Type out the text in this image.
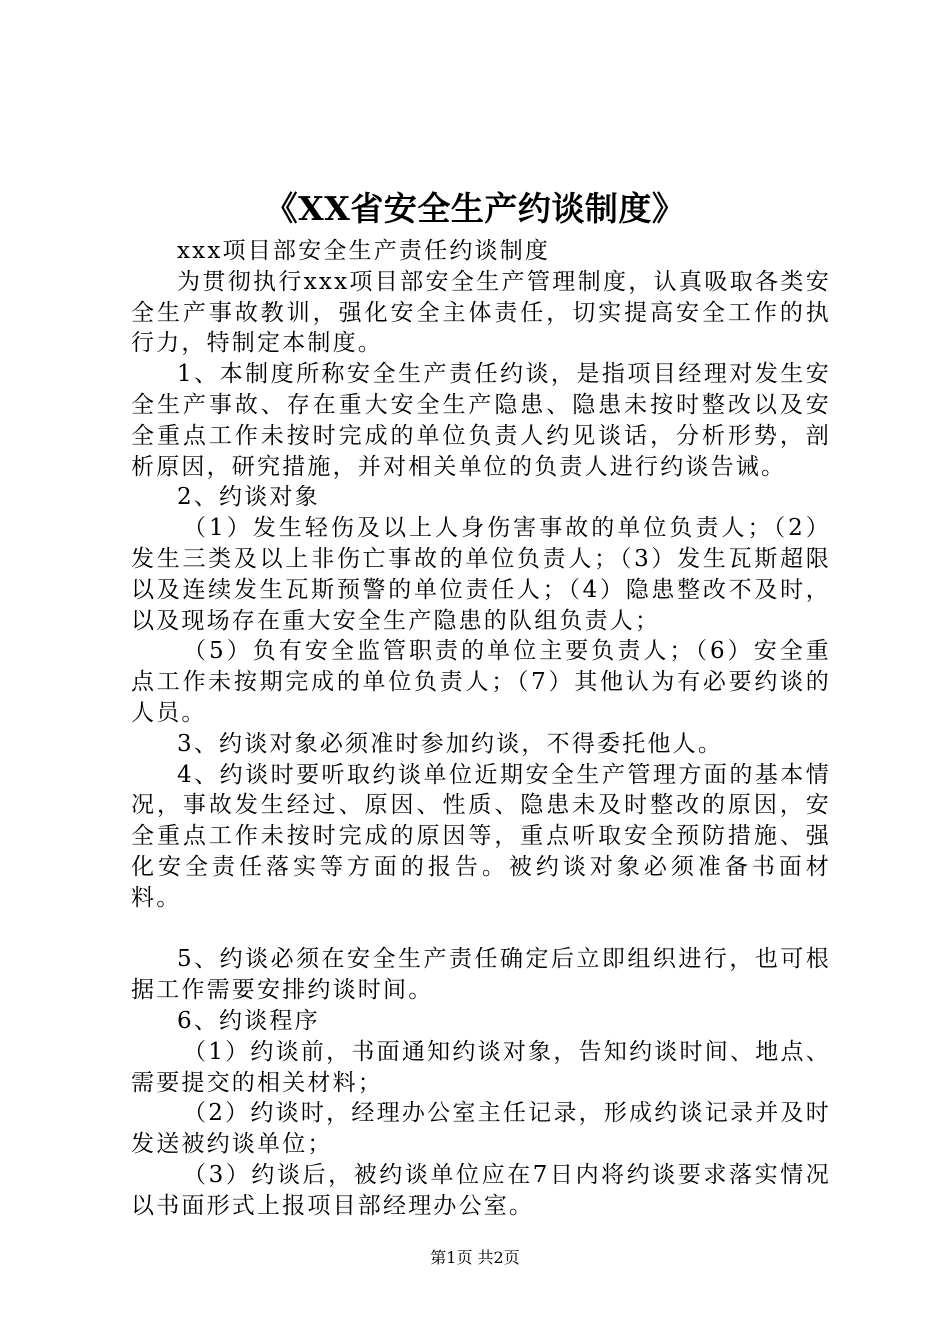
《XX省安全生产约谈制度》

xxx项目部安全生产责任约谈制度

为贯彻执行xxx项目部安全生产管理制度，认真吸取各类安全生产事故教训，强化安全主体责任，切实提高安全工作的执行力，特制定本制度。

1、本制度所称安全生产责任约谈，是指项目经理对发生安全生产事故、存在重大安全生产隐患、隐患未按时整改以及安全重点工作未按时完成的单位负责人约见谈话，分析形势，剖析原因，研究措施，并对相关单位的负责人进行约谈告诫。

2、约谈对象

（1）发生轻伤及以上人身伤害事故的单位负责人；（2）发生三类及以上非伤亡事故的单位负责人；（3）发生瓦斯超限以及连续发生瓦斯预警的单位责任人；（4）隐患整改不及时，以及现场存在重大安全生产隐患的队组负责人；

（5）负有安全监管职责的单位主要负责人；（6）安全重点工作未按期完成的单位负责人；（7）其他认为有必要约谈的人员。

3、约谈对象必须准时参加约谈，不得委托他人。

4、约谈时要听取约谈单位近期安全生产管理方面的基本情况，事故发生经过、原因、性质、隐患未及时整改的原因，安全重点工作未按时完成的原因等，重点听取安全预防措施、强化安全责任落实等方面的报告。被约谈对象必须准备书面材料。

5、约谈必须在安全生产责任确定后立即组织进行，也可根据工作需要安排约谈时间。

6、约谈程序

（1）约谈前，书面通知约谈对象，告知约谈时间、地点、需要提交的相关材料；

（2）约谈时，经理办公室主任记录，形成约谈记录并及时发送被约谈单位；

（3）约谈后，被约谈单位应在7日内将约谈要求落实情况以书面形式上报项目部经理办公室。

第1页 共2页
